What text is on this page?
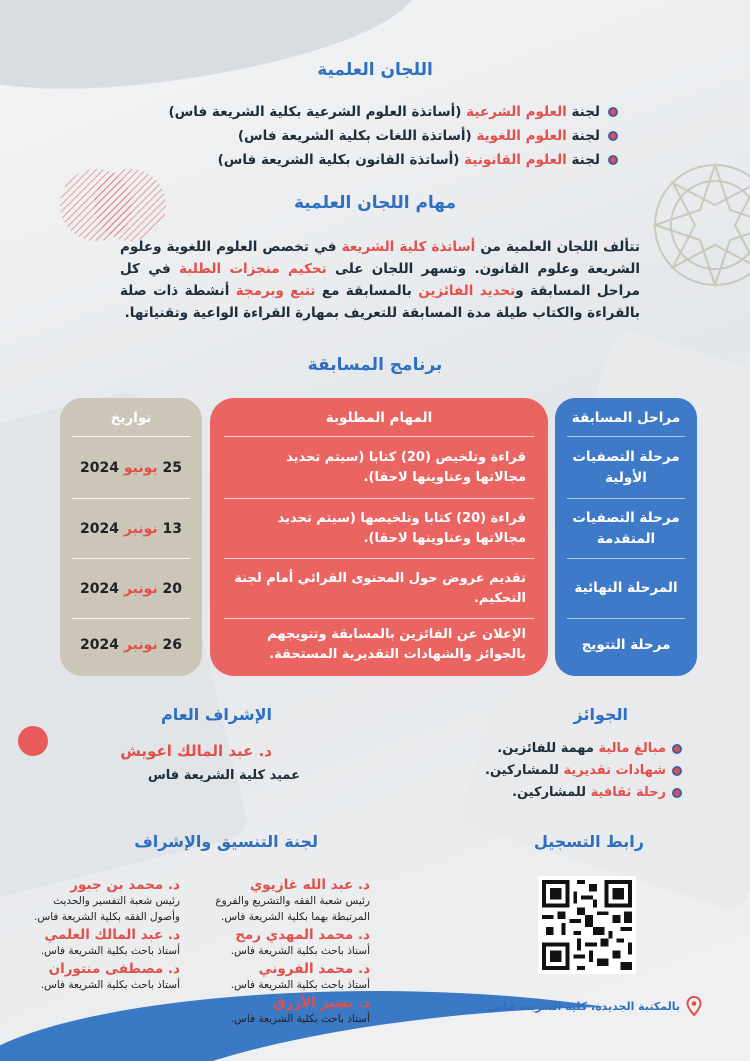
اللجان العلمية
لجنة العلوم الشرعية (أساتذة العلوم الشرعية بكلية الشريعة فاس)
لجنة العلوم اللغوية (أساتذة اللغات بكلية الشريعة فاس)
لجنة العلوم القانونية (أساتذة القانون بكلية الشريعة فاس)
مهام اللجان العلمية

تتألف اللجان العلمية من أساتذة كلية الشريعة في تخصص العلوم اللغوية وعلوم الشريعة وعلوم القانون. وتسهر اللجان على تحكيم منجزات الطلبة في كل مراحل المسابقة وتحديد الفائزين بالمسابقة مع تتبع وبرمجة أنشطة ذات صلة بالقراءة والكتاب طيلة مدة المسابقة للتعريف بمهارة القراءة الواعية وتقنياتها.

برنامج المسابقة
مراحل المسابقة
مرحلة التصفيات الأولية
مرحلة التصفيات المتقدمة
المرحلة النهائية
مرحلة التتويج
المهام المطلوبة
قراءة وتلخيص (20) كتابا (سيتم تحديد مجالاتها وعناوينها لاحقا).
قراءة (20) كتابا وتلخيصها (سيتم تحديد مجالاتها وعناوينها لاحقا).
تقديم عروض حول المحتوى القرائي أمام لجنة التحكيم.
الإعلان عن الفائزين بالمسابقة وتتويجهم بالجوائز والشهادات التقديرية المستحقة.
تواريخ
25

يونيو

2024
13

نونبر

2024
20

نونبر

2024
26

نونبر

2024
الجوائز
مبالغ مالية مهمة للفائزين.
شهادات تقديرية للمشاركين.
رحلة ثقافية للمشاركين.
الإشراف العام
د. عبد المالك اعويش
عميد كلية الشريعة فاس
لجنة التنسيق والإشراف
د. عبد الله غازيوي
رئيس شعبة الفقه والتشريع والفروع المرتبطة بهما بكلية الشريعة فاس.
د. محمد المهدي رمح
أستاذ باحث بكلية الشريعة فاس.
د. محمد الفروني
أستاذ باحث بكلية الشريعة فاس.
د. يسير الأزرق
أستاذ باحث بكلية الشريعة فاس.
د. محمد بن جبور
رئيس شعبة التفسير والحديث وأصول الفقه بكلية الشريعة فاس.
د. عبد المالك العلمي
أستاذ باحث بكلية الشريعة فاس.
د. مصطفى منتوران
أستاذ باحث بكلية الشريعة فاس.
رابط التسجيل
بالمكتبة الجديدة، كلية الشريعة فاس
